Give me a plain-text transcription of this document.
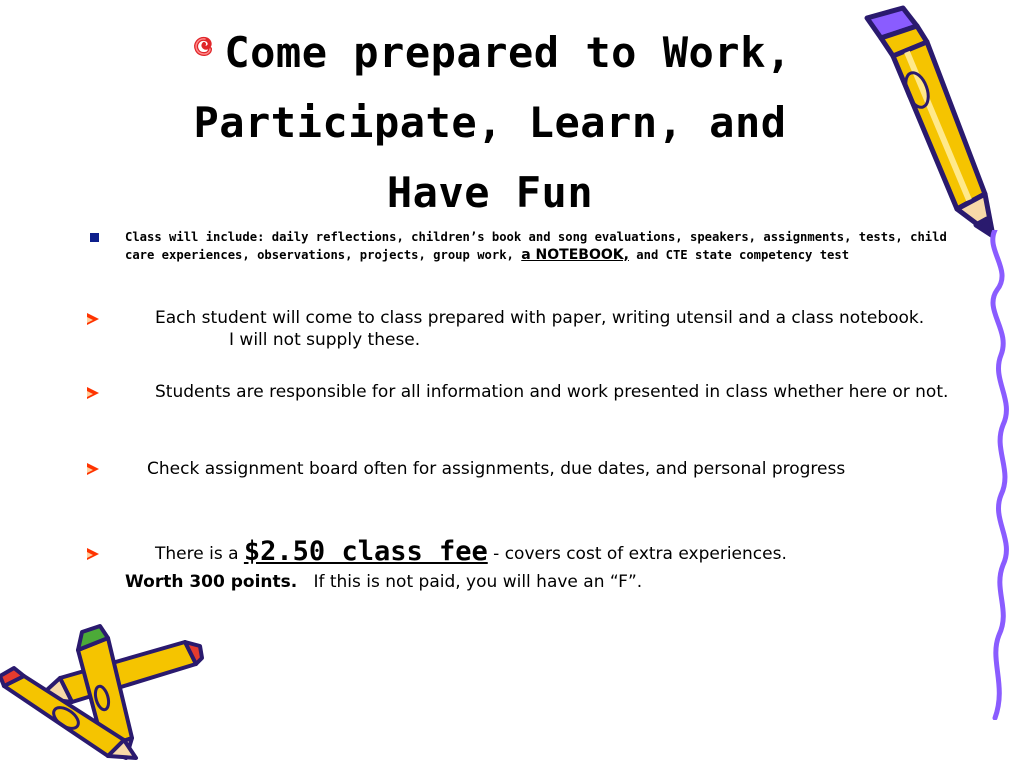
Come prepared to Work,
Participate, Learn, and
Have Fun
Class will include: daily reflections, children’s book and song evaluations, speakers, assignments, tests, child care experiences, observations, projects, group work, a NOTEBOOK, and CTE state competency test
Each student will come to class prepared with paper, writing utensil and a class notebook.I will not supply these.
Students are responsible for all information and work presented in class whether here or not.
Check assignment board often for assignments, due dates, and personal progress
There is a $2.50 class fee - covers cost of extra experiences.
Worth 300 points. If this is not paid, you will have an “F”.
